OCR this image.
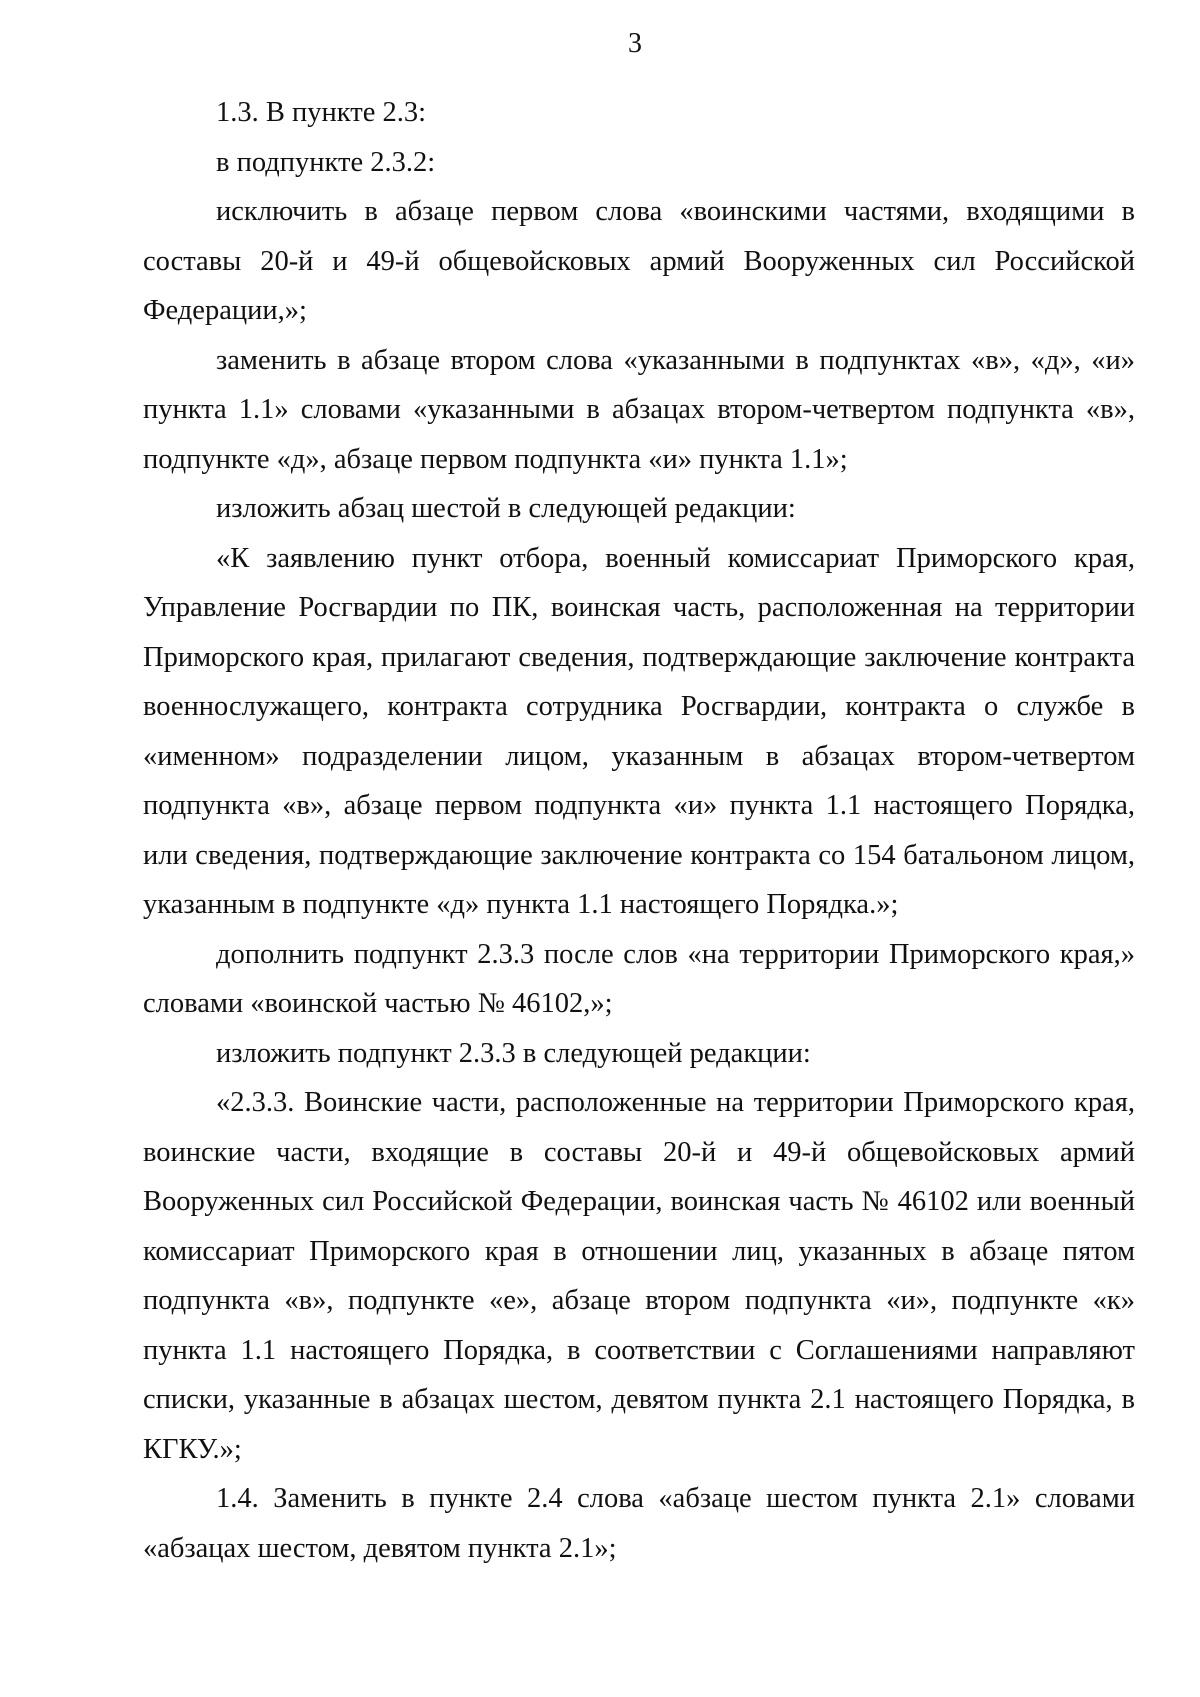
3

1.3. В пункте 2.3:

в подпункте 2.3.2:

исключить в абзаце первом слова «воинскими частями, входящими в составы 20-й и 49-й общевойсковых армий Вооруженных сил Российской Федерации,»;

заменить в абзаце втором слова «указанными в подпунктах «в», «д», «и» пункта 1.1» словами «указанными в абзацах втором-четвертом подпункта «в», подпункте «д», абзаце первом подпункта «и» пункта 1.1»;

изложить абзац шестой в следующей редакции:

«К заявлению пункт отбора, военный комиссариат Приморского края, Управление Росгвардии по ПК, воинская часть, расположенная на территории Приморского края, прилагают сведения, подтверждающие заключение контракта военнослужащего, контракта сотрудника Росгвардии, контракта о службе в «именном» подразделении лицом, указанным в абзацах втором-четвертом подпункта «в», абзаце первом подпункта «и» пункта 1.1 настоящего Порядка, или сведения, подтверждающие заключение контракта со 154 батальоном лицом, указанным в подпункте «д» пункта 1.1 настоящего Порядка.»;

дополнить подпункт 2.3.3 после слов «на территории Приморского края,» словами «воинской частью № 46102,»;

изложить подпункт 2.3.3 в следующей редакции:

«2.3.3. Воинские части, расположенные на территории Приморского края, воинские части, входящие в составы 20-й и 49-й общевойсковых армий Вооруженных сил Российской Федерации, воинская часть № 46102 или военный комиссариат Приморского края в отношении лиц, указанных в абзаце пятом подпункта «в», подпункте «е», абзаце втором подпункта «и», подпункте «к» пункта 1.1 настоящего Порядка, в соответствии с Соглашениями направляют списки, указанные в абзацах шестом, девятом пункта 2.1 настоящего Порядка, в КГКУ.»;

1.4. Заменить в пункте 2.4 слова «абзаце шестом пункта 2.1» словами «абзацах шестом, девятом пункта 2.1»;
